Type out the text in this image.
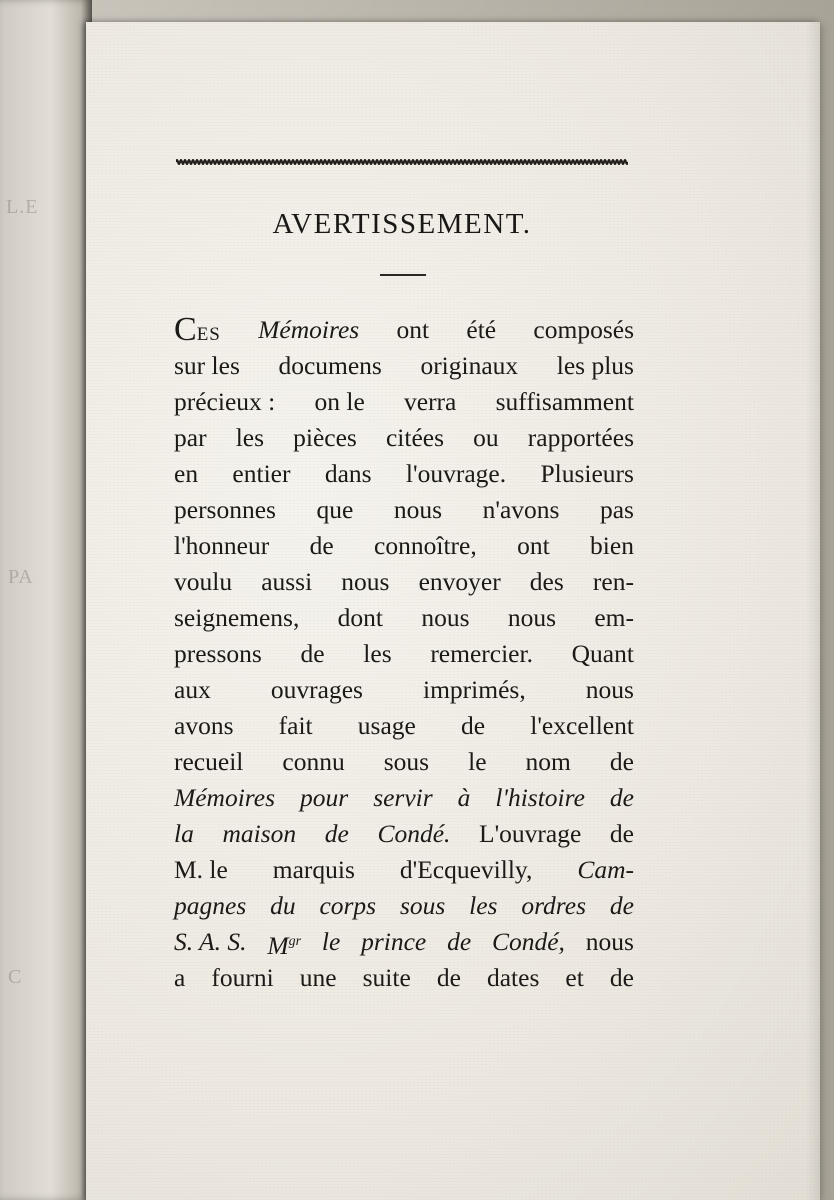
L.E
PA
C
AVERTISSEMENT.
CES Mémoires ont été composés
sur les documens originaux les plus
précieux : on le verra suffisamment
par les pièces citées ou rapportées
en entier dans l'ouvrage. Plusieurs
personnes que nous n'avons pas
l'honneur de connoître, ont bien
voulu aussi nous envoyer des ren-
seignemens, dont nous nous em-
pressons de les remercier. Quant
aux ouvrages imprimés, nous
avons fait usage de l'excellent
recueil connu sous le nom de
Mémoires pour servir à l'histoire de
la maison de Condé. L'ouvrage de
M. le marquis d'Ecquevilly, Cam-
pagnes du corps sous les ordres de
S. A. S. $M^{gr}$ le prince de Condé, nous
a fourni une suite de dates et de
